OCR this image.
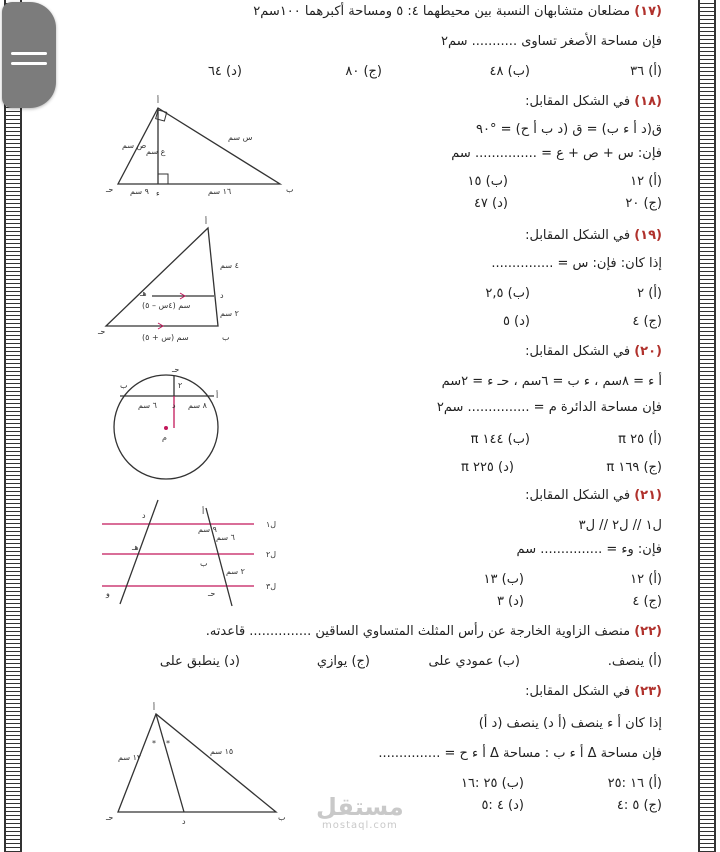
(١٧) مضلعان متشابهان النسبة بين محيطهما ٤: ٥ ومساحة أكبرهما ١٠٠سم٢
فإن مساحة الأصغر تساوى ........... سم٢
(أ) ٣٦
(ب) ٤٨
(ج) ٨٠
(د) ٦٤
(١٨) في الشكل المقابل:
ق(د أ ء ب) = ق (د ب أ ح) = °٩٠
فإن: س + ص + ع = ............... سم
(أ) ١٢
(ب) ١٥
(ج) ٢٠
(د) ٤٧
أ
ب
حـ	ء
س سم
ص سم
ع سم
٩ سم	١٦ سم
(١٩) في الشكل المقابل:
إذا كان: فإن: س = ...............
(أ) ٢
(ب) ٢,٥
(ج) ٤
(د) ٥
أ
ب
حـ
د
هـ
٤ سم
٢ سم
(٤س – ٥) سم
(س + ٥) سم
(٢٠) في الشكل المقابل:
أ ء = ٨سم ، ء ب = ٦سم ، حـ ء = ٢سم
فإن مساحة الدائرة م = ............... سم٢
(أ) ٢٥ π
(ب) ١٤٤ π
(ج) ١٦٩ π
(د) ٢٢٥ π
حـ
ب
أ
د
م
٦ سم	٨ سم
٢
(٢١) في الشكل المقابل:
ل١ // ل٢ // ل٣
فإن: وء = ............... سم
(أ) ١٢
(ب) ١٣
(ج) ٤
(د) ٣
ل١
ل٢
ل٣
أ
ب
حـ
د
هـ
و
٦ سم
٩ سم
٢ سم
(٢٢) منصف الزاوية الخارجة عن رأس المثلث المتساوي الساقين ............... قاعدته.
(أ) ينصف.
(ب) عمودي على
(ج) يوازي
(د) ينطبق على
(٢٣) في الشكل المقابل:
إذا كان أ ء ينصف (أ د) ينصف (د أ)
فإن مساحة Δ أ ء ب : مساحة Δ أ ء ح = ...............
(أ) ١٦ :٢٥
(ب) ٢٥ :١٦
(ج) ٥ :٤
(د) ٤ :٥
* *
أ
ب
حـ	د
١٢ سم
١٥ سم
مستقل
mostaql.com
